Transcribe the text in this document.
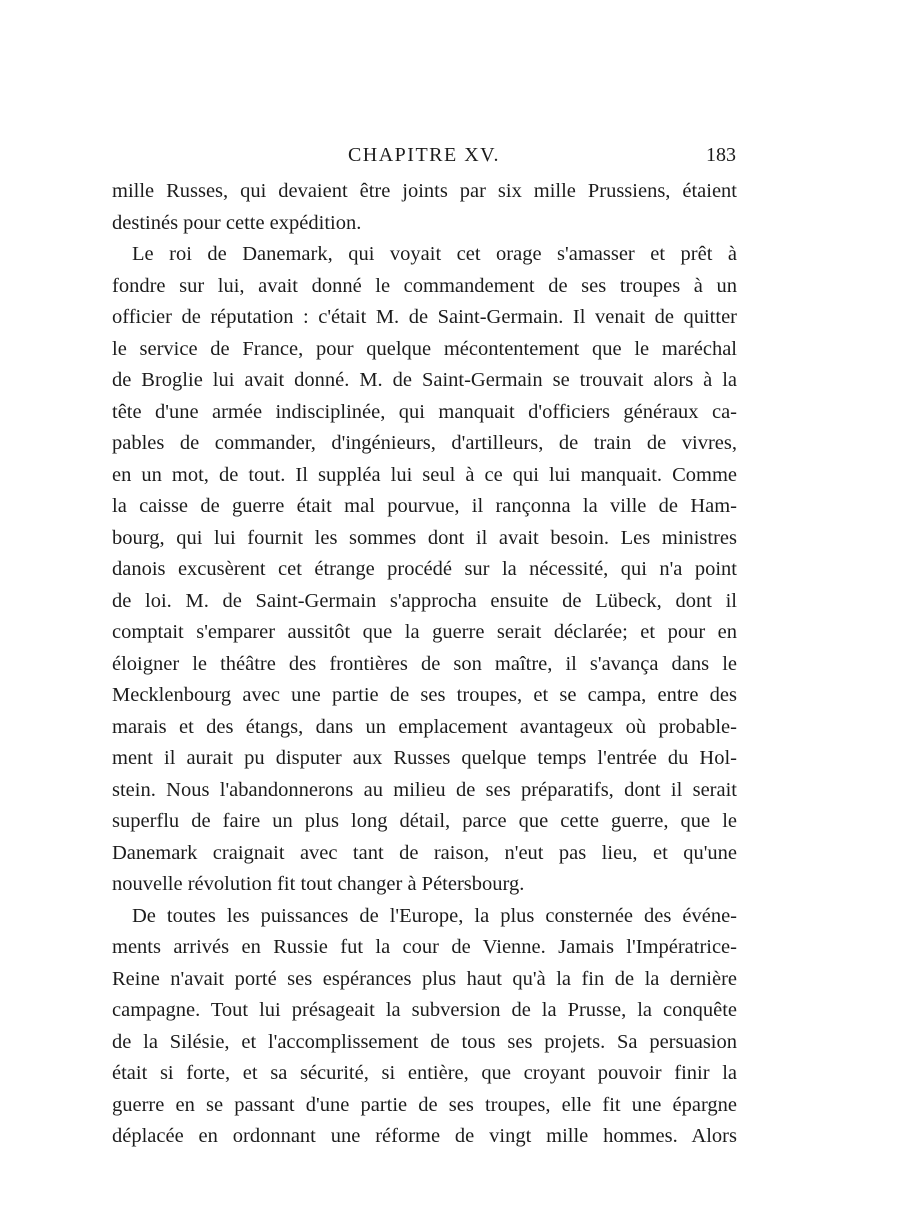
CHAPITRE XV.	183
mille Russes, qui devaient être joints par six mille Prussiens, étaient
destinés pour cette expédition.
Le roi de Danemark, qui voyait cet orage s'amasser et prêt à
fondre sur lui, avait donné le commandement de ses troupes à un
officier de réputation : c'était M. de Saint-Germain. Il venait de quitter
le service de France, pour quelque mécontentement que le maréchal
de Broglie lui avait donné. M. de Saint-Germain se trouvait alors à la
tête d'une armée indisciplinée, qui manquait d'officiers généraux ca-
pables de commander, d'ingénieurs, d'artilleurs, de train de vivres,
en un mot, de tout. Il suppléa lui seul à ce qui lui manquait. Comme
la caisse de guerre était mal pourvue, il rançonna la ville de Ham-
bourg, qui lui fournit les sommes dont il avait besoin. Les ministres
danois excusèrent cet étrange procédé sur la nécessité, qui n'a point
de loi. M. de Saint-Germain s'approcha ensuite de Lübeck, dont il
comptait s'emparer aussitôt que la guerre serait déclarée; et pour en
éloigner le théâtre des frontières de son maître, il s'avança dans le
Mecklenbourg avec une partie de ses troupes, et se campa, entre des
marais et des étangs, dans un emplacement avantageux où probable-
ment il aurait pu disputer aux Russes quelque temps l'entrée du Hol-
stein. Nous l'abandonnerons au milieu de ses préparatifs, dont il serait
superflu de faire un plus long détail, parce que cette guerre, que le
Danemark craignait avec tant de raison, n'eut pas lieu, et qu'une
nouvelle révolution fit tout changer à Pétersbourg.
De toutes les puissances de l'Europe, la plus consternée des événe-
ments arrivés en Russie fut la cour de Vienne. Jamais l'Impératrice-
Reine n'avait porté ses espérances plus haut qu'à la fin de la dernière
campagne. Tout lui présageait la subversion de la Prusse, la conquête
de la Silésie, et l'accomplissement de tous ses projets. Sa persuasion
était si forte, et sa sécurité, si entière, que croyant pouvoir finir la
guerre en se passant d'une partie de ses troupes, elle fit une épargne
déplacée en ordonnant une réforme de vingt mille hommes. Alors
